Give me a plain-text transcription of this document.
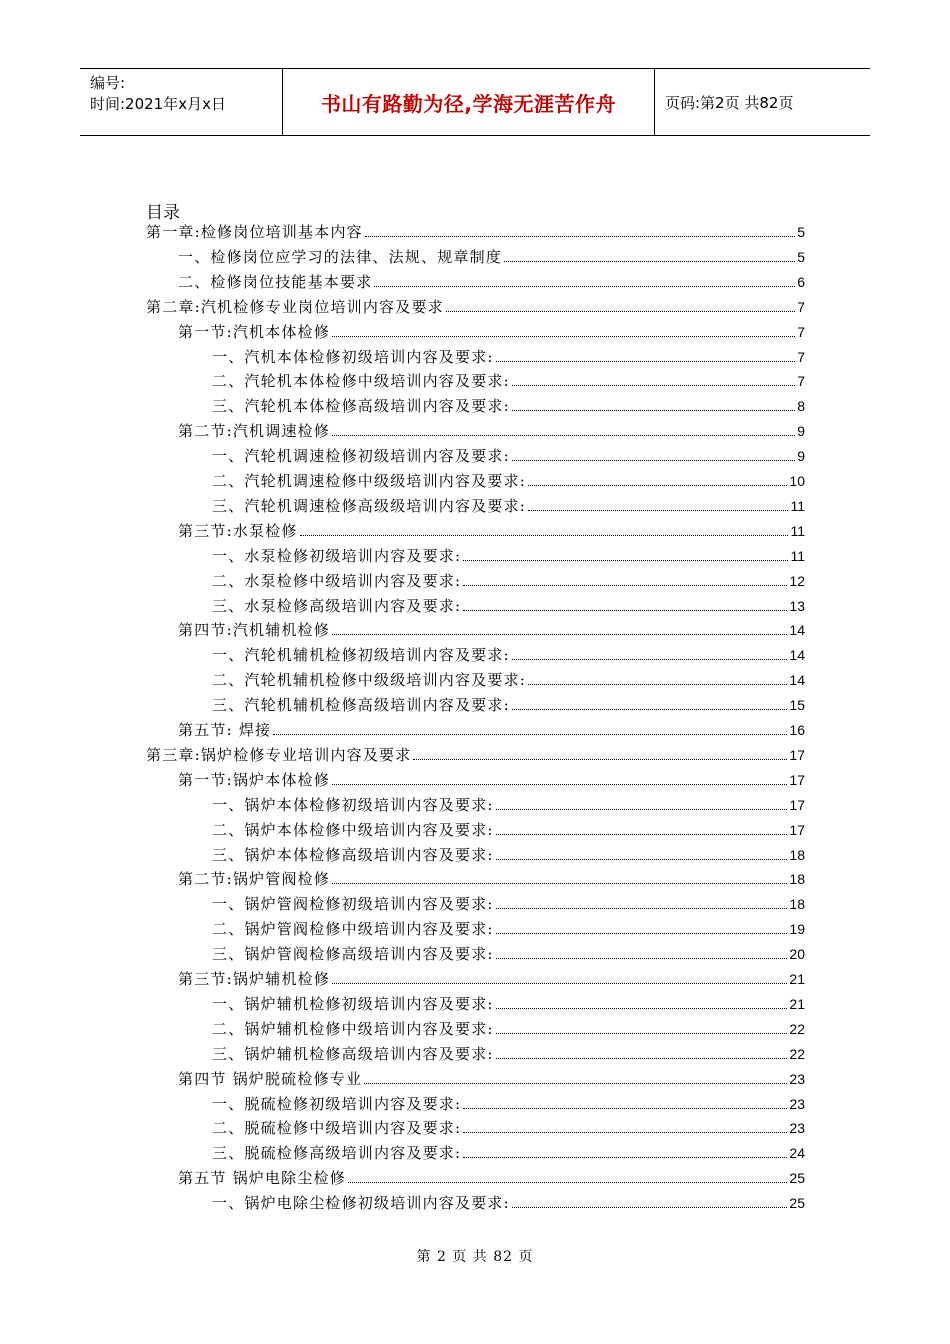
编号:
时间:2021年x月x日	书山有路勤为径,学海无涯苦作舟	页码:第2页 共82页
目录
第一章:检修岗位培训基本内容	5
一、检修岗位应学习的法律、法规、规章制度	5
二、检修岗位技能基本要求	6
第二章:汽机检修专业岗位培训内容及要求	7
第一节:汽机本体检修	7
一、汽机本体检修初级培训内容及要求:	7
二、汽轮机本体检修中级培训内容及要求:	7
三、汽轮机本体检修高级培训内容及要求:	8
第二节:汽机调速检修	9
一、汽轮机调速检修初级培训内容及要求:	9
二、汽轮机调速检修中级级培训内容及要求:	10
三、汽轮机调速检修高级级培训内容及要求:	11
第三节:水泵检修	11
一、水泵检修初级培训内容及要求:	11
二、水泵检修中级培训内容及要求:	12
三、水泵检修高级培训内容及要求:	13
第四节:汽机辅机检修	14
一、汽轮机辅机检修初级培训内容及要求:	14
二、汽轮机辅机检修中级级培训内容及要求:	14
三、汽轮机辅机检修高级培训内容及要求:	15
第五节: 焊接	16
第三章:锅炉检修专业培训内容及要求	17
第一节:锅炉本体检修	17
一、锅炉本体检修初级培训内容及要求:	17
二、锅炉本体检修中级培训内容及要求:	17
三、锅炉本体检修高级培训内容及要求:	18
第二节:锅炉管阀检修	18
一、锅炉管阀检修初级培训内容及要求:	18
二、锅炉管阀检修中级培训内容及要求:	19
三、锅炉管阀检修高级培训内容及要求:	20
第三节:锅炉辅机检修	21
一、锅炉辅机检修初级培训内容及要求:	21
二、锅炉辅机检修中级培训内容及要求:	22
三、锅炉辅机检修高级培训内容及要求:	22
第四节 锅炉脱硫检修专业	23
一、脱硫检修初级培训内容及要求:	23
二、脱硫检修中级培训内容及要求:	23
三、脱硫检修高级培训内容及要求:	24
第五节 锅炉电除尘检修	25
一、锅炉电除尘检修初级培训内容及要求:	25
第 2 页 共 82 页
